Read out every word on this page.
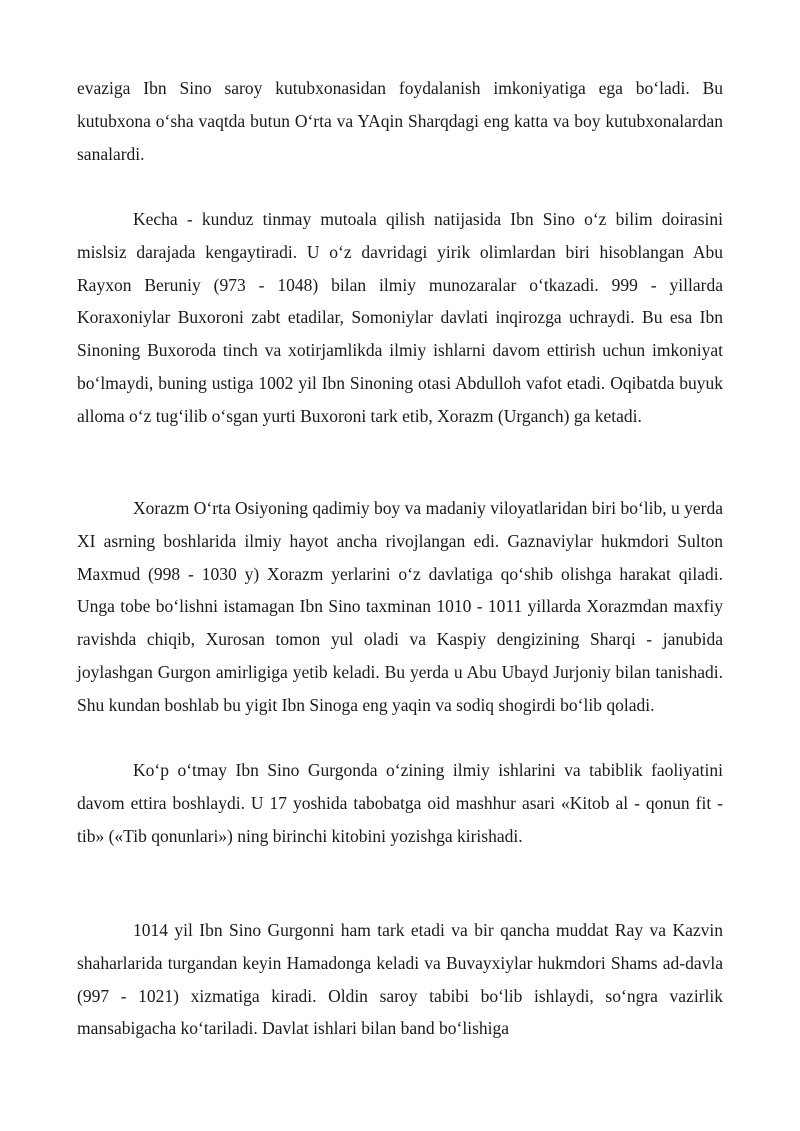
evaziga Ibn Sino saroy kutubxonasidan foydalanish imkoniyatiga ega bo‘ladi. Bu kutubxona o‘sha vaqtda butun O‘rta va YAqin Sharqdagi eng katta va boy kutubxonalardan sanalardi.

Kecha - kunduz tinmay mutoala qilish natijasida Ibn Sino o‘z bilim doirasini mislsiz darajada kengaytiradi. U o‘z davridagi yirik olimlardan biri hisoblangan Abu Rayxon Beruniy (973 - 1048) bilan ilmiy munozaralar o‘tkazadi. 999 - yillarda Koraxoniylar Buxoroni zabt etadilar, Somoniylar davlati inqirozga uchraydi. Bu esa Ibn Sinoning Buxoroda tinch va xotirjamlikda ilmiy ishlarni davom ettirish uchun imkoniyat bo‘lmaydi, buning ustiga 1002 yil Ibn Sinoning otasi Abdulloh vafot etadi. Oqibatda buyuk alloma o‘z tug‘ilib o‘sgan yurti Buxoroni tark etib, Xorazm (Urganch) ga ketadi.

Xorazm O‘rta Osiyoning qadimiy boy va madaniy viloyatlaridan biri bo‘lib, u yerda XI asrning boshlarida ilmiy hayot ancha rivojlangan edi. Gaznaviylar hukmdori Sulton Maxmud (998 - 1030 y) Xorazm yerlarini o‘z davlatiga qo‘shib olishga harakat qiladi. Unga tobe bo‘lishni istamagan Ibn Sino taxminan 1010 - 1011 yillarda Xorazmdan maxfiy ravishda chiqib, Xurosan tomon yul oladi va Kaspiy dengizining Sharqi - janubida joylashgan Gurgon amirligiga yetib keladi. Bu yerda u Abu Ubayd Jurjoniy bilan tanishadi. Shu kundan boshlab bu yigit Ibn Sinoga eng yaqin va sodiq shogirdi bo‘lib qoladi.

Ko‘p o‘tmay Ibn Sino Gurgonda o‘zining ilmiy ishlarini va tabiblik faoliyatini davom ettira boshlaydi. U 17 yoshida tabobatga oid mashhur asari «Kitob al - qonun fit - tib» («Tib qonunlari») ning birinchi kitobini yozishga kirishadi.

1014 yil Ibn Sino Gurgonni ham tark etadi va bir qancha muddat Ray va Kazvin shaharlarida turgandan keyin Hamadonga keladi va Buvayxiylar hukmdori Shams ad-davla (997 - 1021) xizmatiga kiradi. Oldin saroy tabibi bo‘lib ishlaydi, so‘ngra vazirlik mansabigacha ko‘tariladi. Davlat ishlari bilan band bo‘lishiga
